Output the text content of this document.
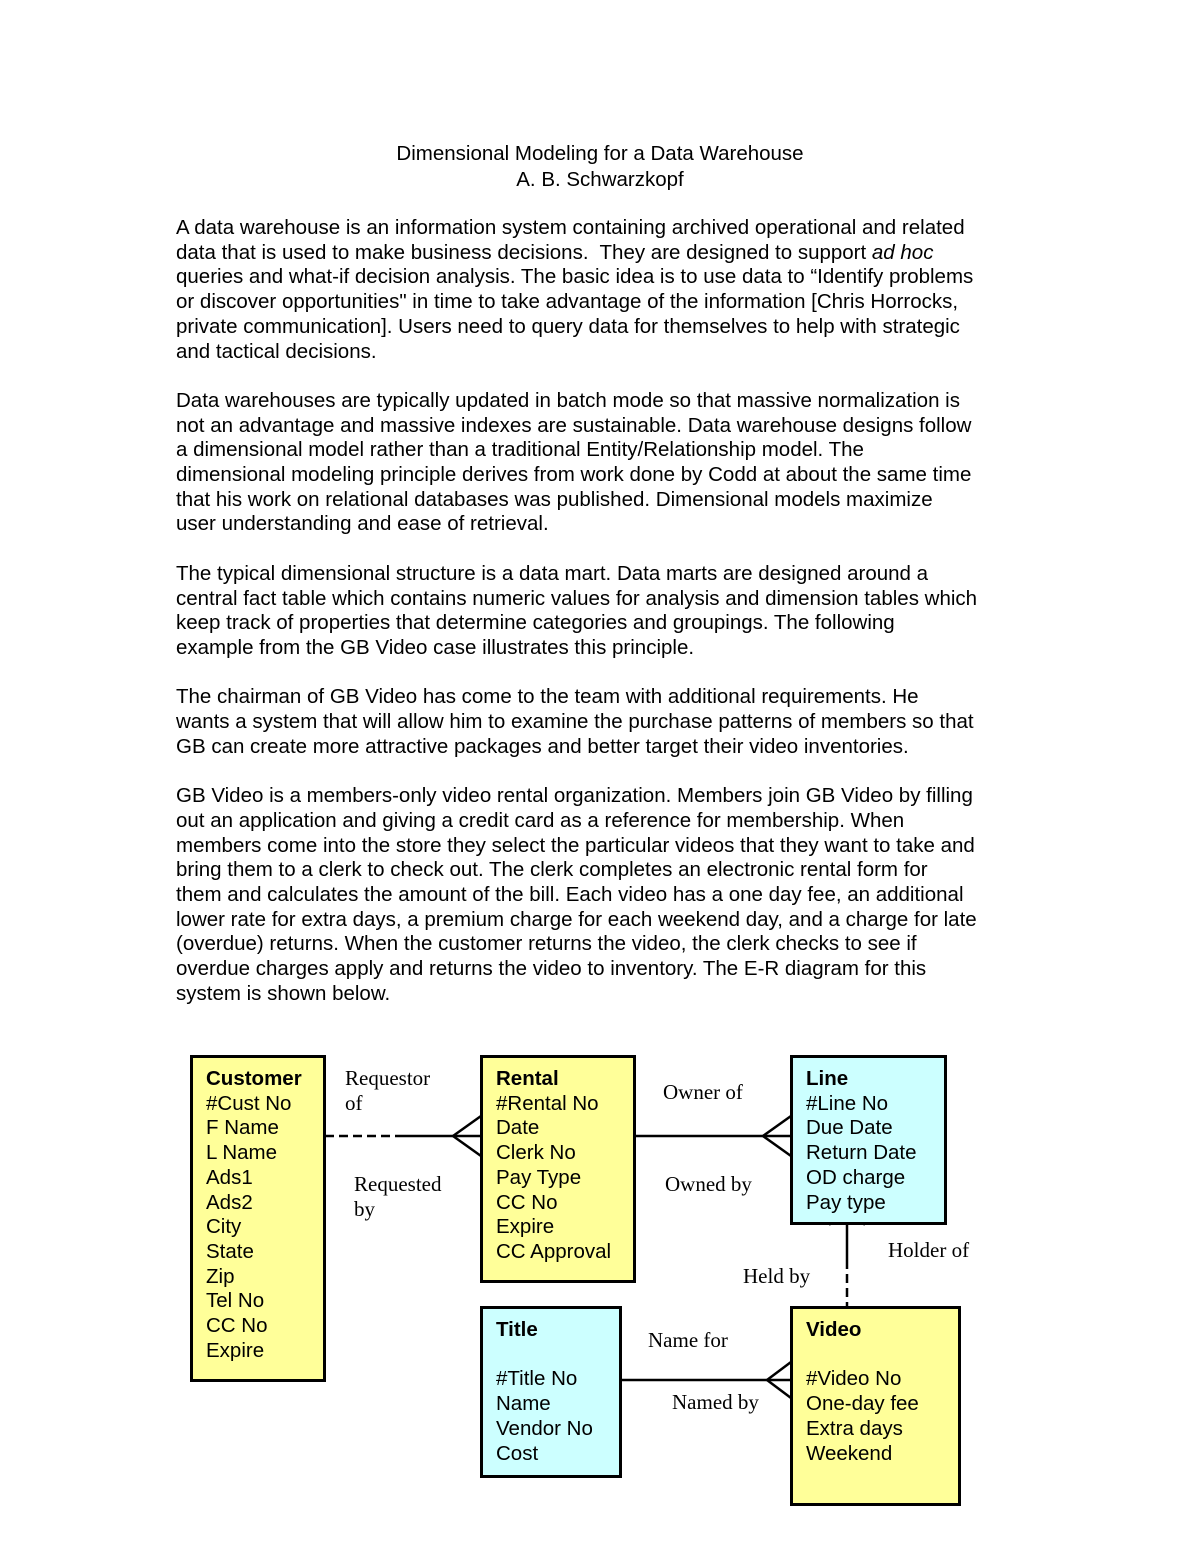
Dimensional Modeling for a Data Warehouse
A. B. Schwarzkopf

A data warehouse is an information system containing archived operational and related
data that is used to make business decisions.  They are designed to support ad hoc
queries and what-if decision analysis. The basic idea is to use data to “Identify problems
or discover opportunities" in time to take advantage of the information [Chris Horrocks,
private communication]. Users need to query data for themselves to help with strategic
and tactical decisions.

Data warehouses are typically updated in batch mode so that massive normalization is
not an advantage and massive indexes are sustainable. Data warehouse designs follow
a dimensional model rather than a traditional Entity/Relationship model. The
dimensional modeling principle derives from work done by Codd at about the same time
that his work on relational databases was published. Dimensional models maximize
user understanding and ease of retrieval.

The typical dimensional structure is a data mart. Data marts are designed around a
central fact table which contains numeric values for analysis and dimension tables which
keep track of properties that determine categories and groupings. The following
example from the GB Video case illustrates this principle.

The chairman of GB Video has come to the team with additional requirements. He
wants a system that will allow him to examine the purchase patterns of members so that
GB can create more attractive packages and better target their video inventories.

GB Video is a members-only video rental organization. Members join GB Video by filling
out an application and giving a credit card as a reference for membership. When
members come into the store they select the particular videos that they want to take and
bring them to a clerk to check out. The clerk completes an electronic rental form for
them and calculates the amount of the bill. Each video has a one day fee, an additional
lower rate for extra days, a premium charge for each weekend day, and a charge for late
(overdue) returns. When the customer returns the video, the clerk checks to see if
overdue charges apply and returns the video to inventory. The E-R diagram for this
system is shown below.

Customer
#Cust No
F Name
L Name
Ads1
Ads2
City
State
Zip
Tel No
CC No
Expire
Rental
#Rental No
Date
Clerk No
Pay Type
CC No
Expire
CC Approval
Line
#Line No
Due Date
Return Date
OD charge
Pay type
Title
#Title No
Name
Vendor No
Cost
Video
#Video No
One-day fee
Extra days
Weekend
Requestor
of
Requested
by
Owner of
Owned by
Holder of
Held by
Name for
Named by
